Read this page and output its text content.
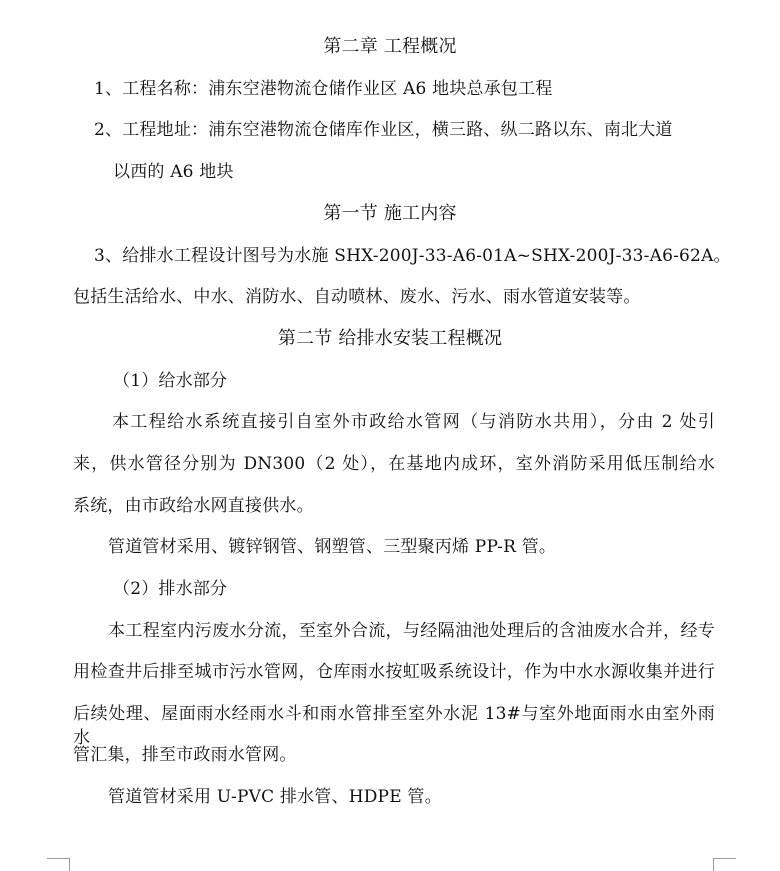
第二章 工程概况
1、工程名称：浦东空港物流仓储作业区 A6 地块总承包工程
2、工程地址：浦东空港物流仓储库作业区，横三路、纵二路以东、南北大道
以西的 A6 地块
第一节 施工内容
3、给排水工程设计图号为水施 SHX-200J-33-A6-01A~SHX-200J-33-A6-62A。
包括生活给水、中水、消防水、自动喷林、废水、污水、雨水管道安装等。
第二节 给排水安装工程概况
（1）给水部分
本工程给水系统直接引自室外市政给水管网（与消防水共用），分由 2 处引
来，供水管径分别为 DN300（2 处），在基地内成环，室外消防采用低压制给水
系统，由市政给水网直接供水。
管道管材采用、镀锌钢管、钢塑管、三型聚丙烯 PP-R 管。
（2）排水部分
本工程室内污废水分流，至室外合流，与经隔油池处理后的含油废水合并，经专
用检查井后排至城市污水管网，仓库雨水按虹吸系统设计，作为中水水源收集并进行
后续处理、屋面雨水经雨水斗和雨水管排至室外水泥 13#与室外地面雨水由室外雨水
管汇集，排至市政雨水管网。
管道管材采用 U-PVC 排水管、HDPE 管。
